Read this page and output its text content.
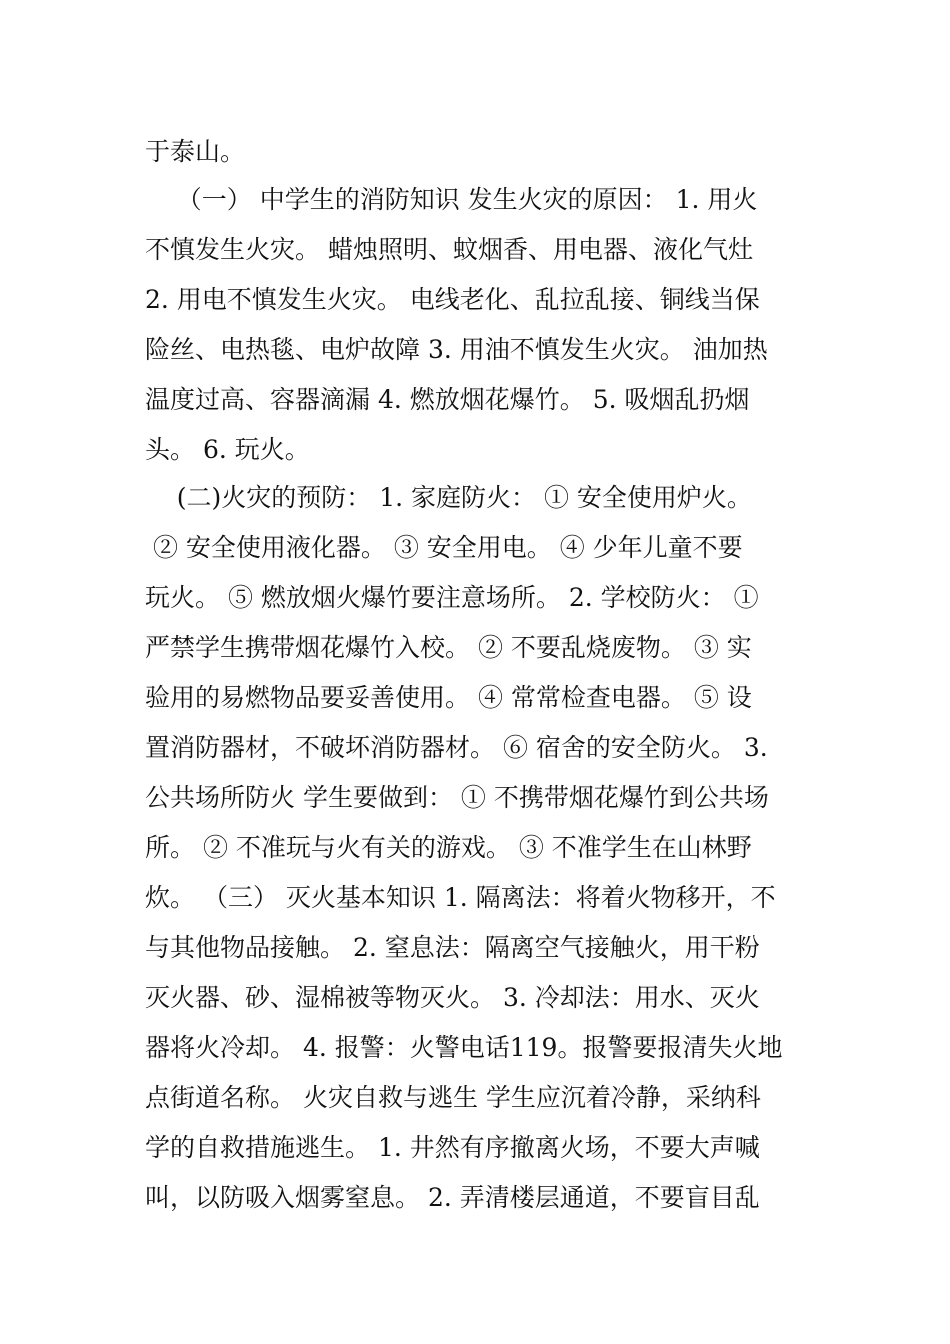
于泰山。
（一） 中学生的消防知识 发生火灾的原因： 1. 用火
不慎发生火灾。 蜡烛照明、蚊烟香、用电器、液化气灶
2. 用电不慎发生火灾。 电线老化、乱拉乱接、铜线当保
险丝、电热毯、电炉故障 3. 用油不慎发生火灾。 油加热
温度过高、容器滴漏 4. 燃放烟花爆竹。 5. 吸烟乱扔烟
头。 6. 玩火。
(二)火灾的预防： 1. 家庭防火： ① 安全使用炉火。
② 安全使用液化器。 ③ 安全用电。 ④ 少年儿童不要
玩火。 ⑤ 燃放烟火爆竹要注意场所。 2. 学校防火： ①
严禁学生携带烟花爆竹入校。 ② 不要乱烧废物。 ③ 实
验用的易燃物品要妥善使用。 ④ 常常检查电器。 ⑤ 设
置消防器材，不破坏消防器材。 ⑥ 宿舍的安全防火。 3.
公共场所防火 学生要做到： ① 不携带烟花爆竹到公共场
所。 ② 不准玩与火有关的游戏。 ③ 不准学生在山林野
炊。 （三） 灭火基本知识 1. 隔离法：将着火物移开，不
与其他物品接触。 2. 窒息法：隔离空气接触火，用干粉
灭火器、砂、湿棉被等物灭火。 3. 冷却法：用水、灭火
器将火冷却。 4. 报警：火警电话119。报警要报清失火地
点街道名称。 火灾自救与逃生 学生应沉着冷静，采纳科
学的自救措施逃生。 1. 井然有序撤离火场，不要大声喊
叫，以防吸入烟雾窒息。 2. 弄清楼层通道，不要盲目乱
